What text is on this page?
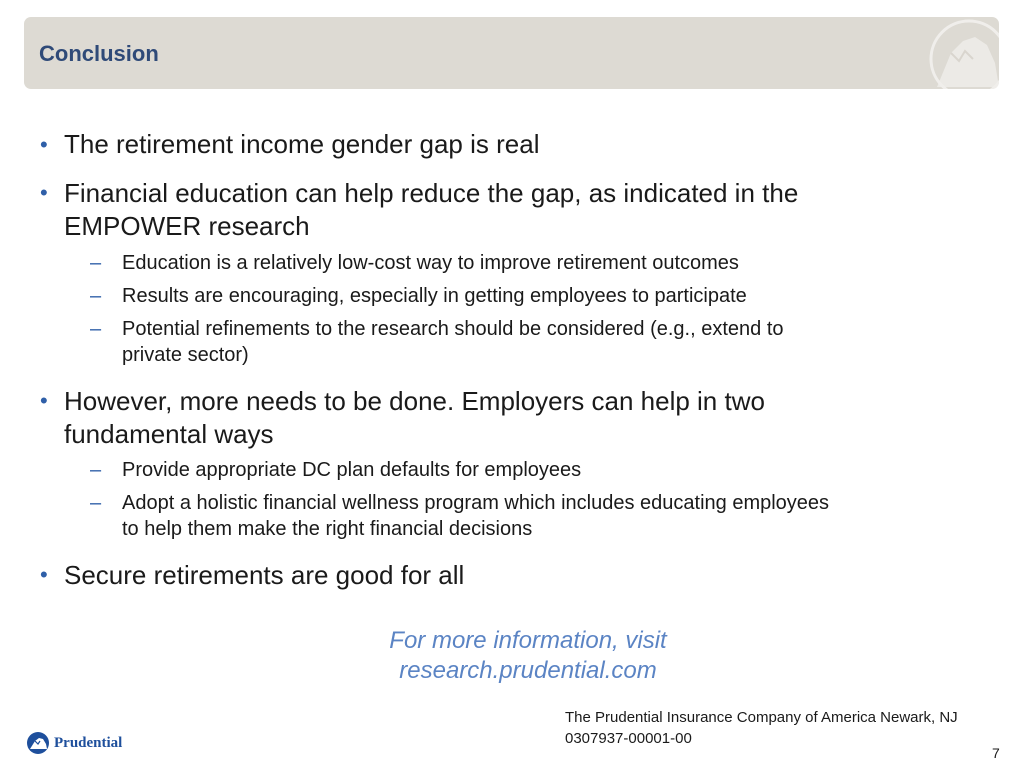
Conclusion
• The retirement income gender gap is real
• Financial education can help reduce the gap, as indicated in the
EMPOWER research
– Education is a relatively low-cost way to improve retirement outcomes
– Results are encouraging, especially in getting employees to participate
– Potential refinements to the research should be considered (e.g., extend to
private sector)
• However, more needs to be done. Employers can help in two
fundamental ways
– Provide appropriate DC plan defaults for employees
– Adopt a holistic financial wellness program which includes educating employees
to help them make the right financial decisions
• Secure retirements are good for all
For more information, visit
research.prudential.com
The Prudential Insurance Company of America Newark, NJ
0307937-00001-00
7
Prudential
